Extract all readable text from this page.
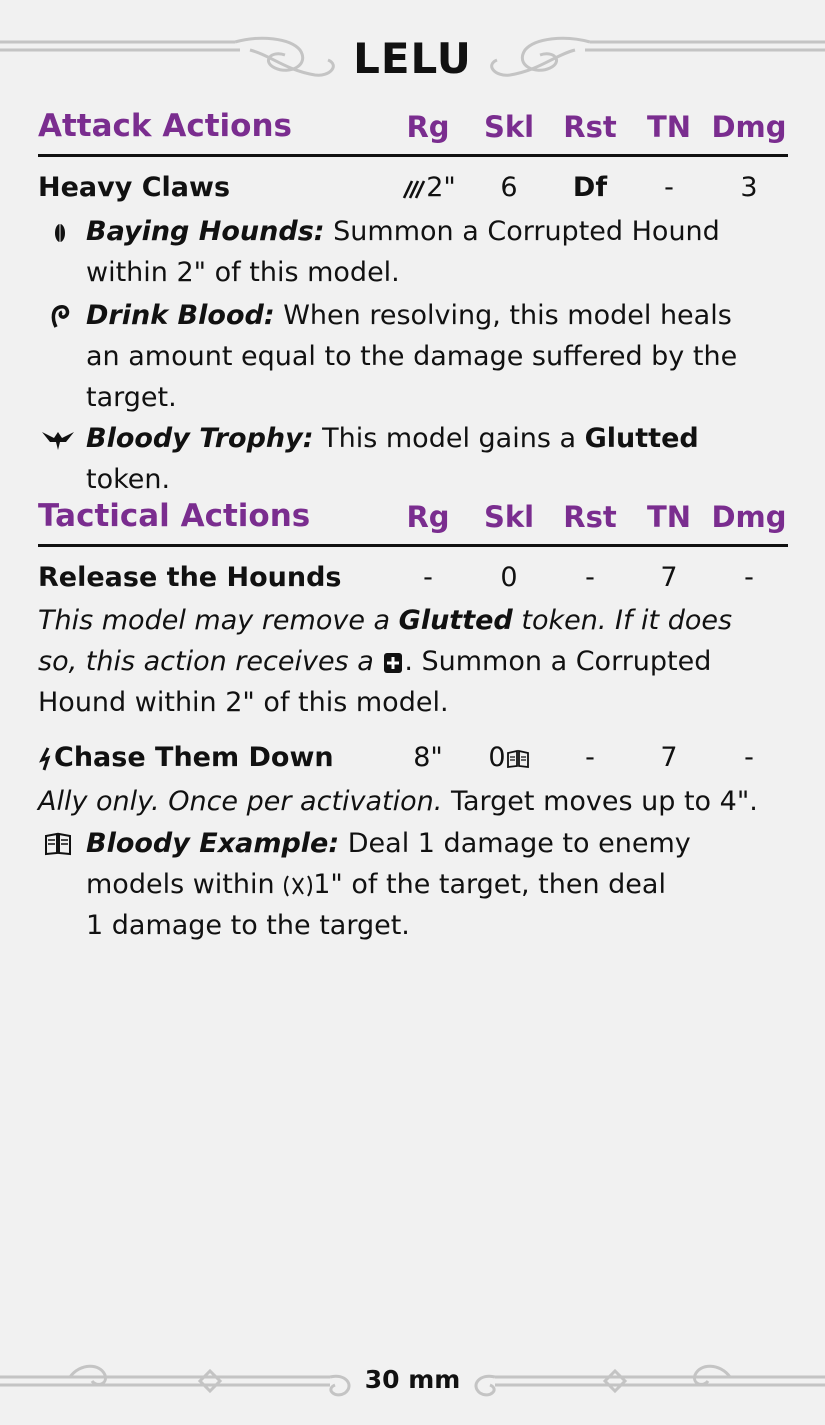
LELU
Attack Actions	Rg Skl Rst	TN Dmg
Heavy Claws	2"	6	Df	-	3
Baying Hounds: Summon a Corrupted Hound
within 2" of this model.
Drink Blood: When resolving, this model heals
an amount equal to the damage suffered by the
target.
Bloody Trophy: This model gains a Glutted token.
Tactical Actions	Rg Skl Rst	TN Dmg
Release the Hounds	-	0	-	7	-
This model may remove a Glutted token. If it does
so, this action receives a . Summon a Corrupted
Hound within 2" of this model.
Chase Them Down	8"	0	-	7	-
Ally only. Once per activation. Target moves up to 4".
Bloody Example: Deal 1 damage to enemy
models within 1" of the target, then deal
1 damage to the target.
30 mm
